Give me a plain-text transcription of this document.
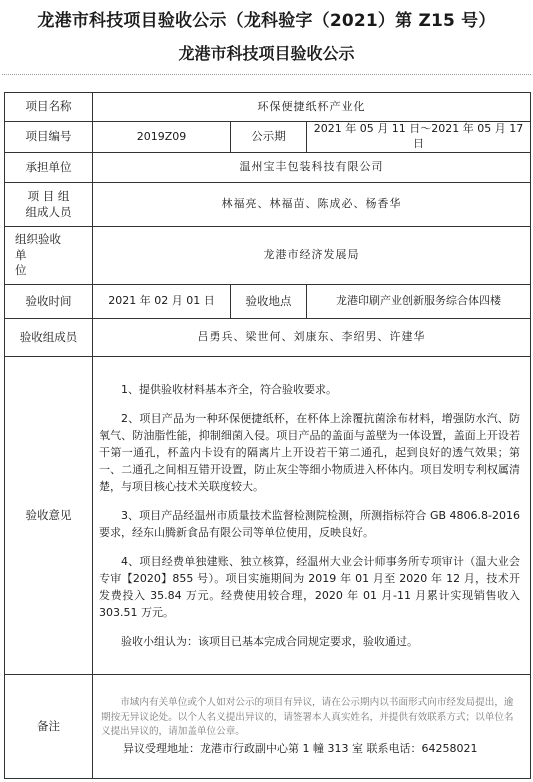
龙港市科技项目验收公示（龙科验字（2021）第 Z15 号）
龙港市科技项目验收公示
项目名称	环保便捷纸杯产业化		
项目编号	2019Z09	公示期	2021 年 05 月 11 日～2021 年 05 月 17 日
承担单位	温州宝丰包装科技有限公司		
项 目 组
组成人员	林福亮、林福苗、陈成必、杨香华		
组织验收
单
位	龙港市经济发展局		
验收时间	2021 年 02 月 01 日	验收地点	龙港印刷产业创新服务综合体四楼
验收组成员	吕勇兵、梁世何、刘康东、李绍男、许建华		
验收意见	1、提供验收材料基本齐全，符合验收要求。

2、项目产品为一种环保便捷纸杯，在杯体上涂覆抗菌涂布材料，增强防水汽、防氧气、防油脂性能，抑制细菌入侵。项目产品的盖面与盖壁为一体设置，盖面上开设若干第一通孔，杯盖内卡设有的隔离片上开设若干第二通孔，起到良好的透气效果；第一、二通孔之间相互错开设置，防止灰尘等细小物质进入杯体内。项目发明专利权属清楚，与项目核心技术关联度较大。

3、项目产品经温州市质量技术监督检测院检测，所测指标符合 GB 4806.8-2016 要求，经东山腾新食品有限公司等单位使用，反映良好。

4、项目经费单独建账、独立核算，经温州大业会计师事务所专项审计（温大业会专审【2020】855 号）。项目实施期间为 2019 年 01 月至 2020 年 12 月，技术开发费投入 35.84 万元。经费使用较合理，2020 年 01 月-11 月累计实现销售收入 303.51 万元。

验收小组认为：该项目已基本完成合同规定要求，验收通过。		

备注	市域内有关单位或个人如对公示的项目有异议，请在公示期内以书面形式向市经发局提出，逾期按无异议论处。以个人名义提出异议的，请签署本人真实姓名，并提供有效联系方式；以单位名义提出异议的，请加盖单位公章。

异议受理地址：龙港市行政副中心第 1 幢 313 室 联系电话：64258021		
